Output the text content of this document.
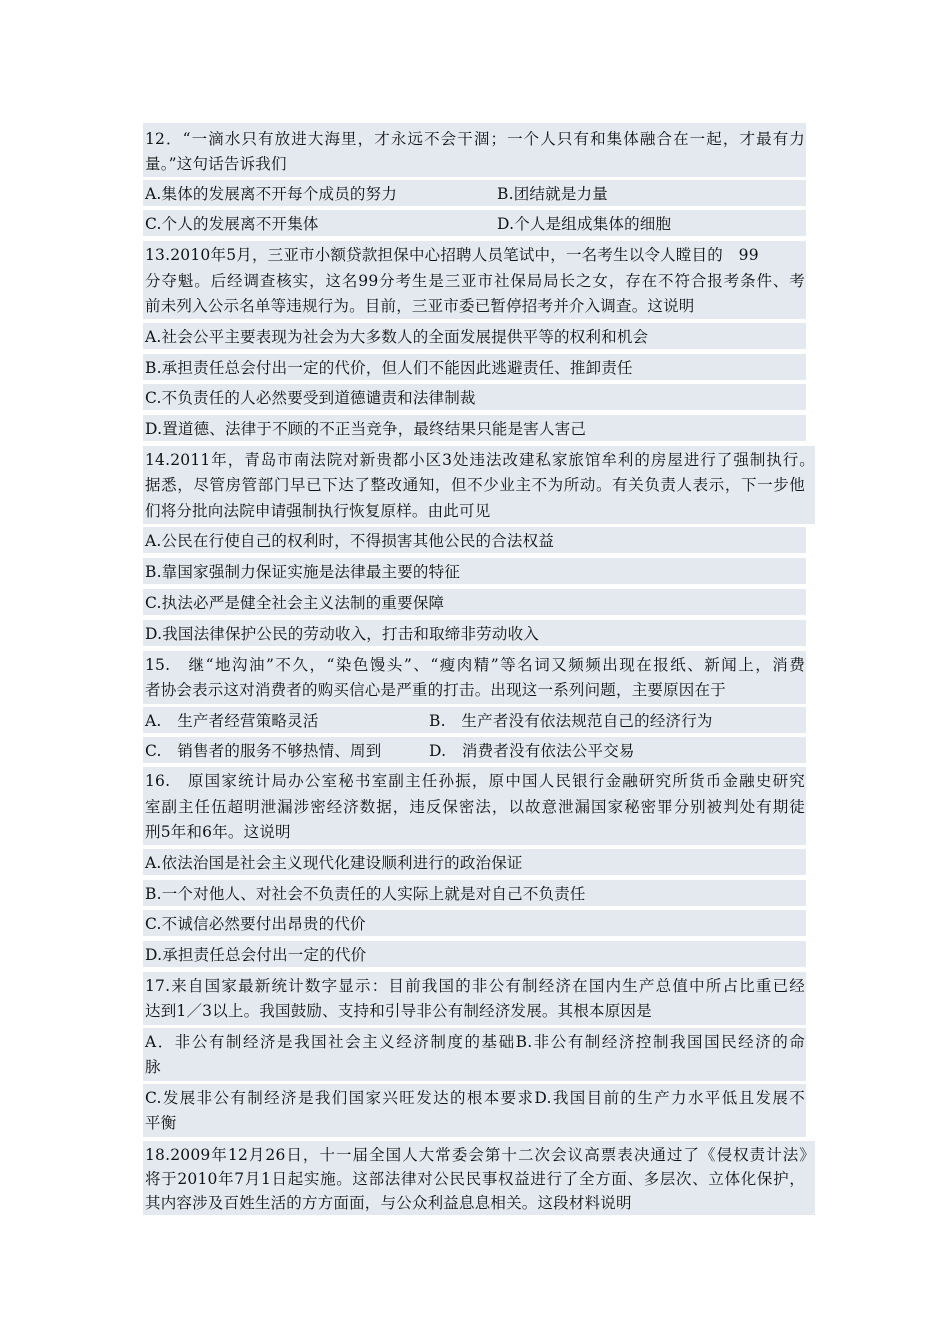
12．“一滴水只有放进大海里，才永远不会干涸；一个人只有和集体融合在一起，才最有力
量。”这句话告诉我们
A.集体的发展离不开每个成员的努力	B.团结就是力量
C.个人的发展离不开集体	D.个人是组成集体的细胞
13.2010年5月，三亚市小额贷款担保中心招聘人员笔试中，一名考生以令人瞠目的　99
分夺魁。后经调查核实，这名99分考生是三亚市社保局局长之女，存在不符合报考条件、考
前未列入公示名单等违规行为。目前，三亚市委已暂停招考并介入调查。这说明
A.社会公平主要表现为社会为大多数人的全面发展提供平等的权利和机会
B.承担责任总会付出一定的代价，但人们不能因此逃避责任、推卸责任
C.不负责任的人必然要受到道德谴责和法律制裁
D.置道德、法律于不顾的不正当竞争，最终结果只能是害人害己
14.2011年，青岛市南法院对新贵都小区3处违法改建私家旅馆牟利的房屋进行了强制执行。
据悉，尽管房管部门早已下达了整改通知，但不少业主不为所动。有关负责人表示，下一步他
们将分批向法院申请强制执行恢复原样。由此可见
A.公民在行使自己的权利时，不得损害其他公民的合法权益
B.靠国家强制力保证实施是法律最主要的特征
C.执法必严是健全社会主义法制的重要保障
D.我国法律保护公民的劳动收入，打击和取缔非劳动收入
15.　继“地沟油”不久，“染色馒头”、“瘦肉精”等名词又频频出现在报纸、新闻上，消费
者协会表示这对消费者的购买信心是严重的打击。出现这一系列问题，主要原因在于
A.　生产者经营策略灵活	B.　生产者没有依法规范自己的经济行为
C.　销售者的服务不够热情、周到	D.　消费者没有依法公平交易
16.　原国家统计局办公室秘书室副主任孙振，原中国人民银行金融研究所货币金融史研究
室副主任伍超明泄漏涉密经济数据，违反保密法，以故意泄漏国家秘密罪分别被判处有期徒
刑5年和6年。这说明
A.依法治国是社会主义现代化建设顺利进行的政治保证
B.一个对他人、对社会不负责任的人实际上就是对自己不负责任
C.不诚信必然要付出昂贵的代价
D.承担责任总会付出一定的代价
17.来自国家最新统计数字显示：目前我国的非公有制经济在国内生产总值中所占比重已经
达到1／3以上。我国鼓励、支持和引导非公有制经济发展。其根本原因是
A．非公有制经济是我国社会主义经济制度的基础B.非公有制经济控制我国国民经济的命
脉
C.发展非公有制经济是我们国家兴旺发达的根本要求D.我国目前的生产力水平低且发展不
平衡
18.2009年12月26日，十一届全国人大常委会第十二次会议高票表决通过了《侵权责计法》
将于2010年7月1日起实施。这部法律对公民民事权益进行了全方面、多层次、立体化保护，
其内容涉及百姓生活的方方面面，与公众利益息息相关。这段材料说明
